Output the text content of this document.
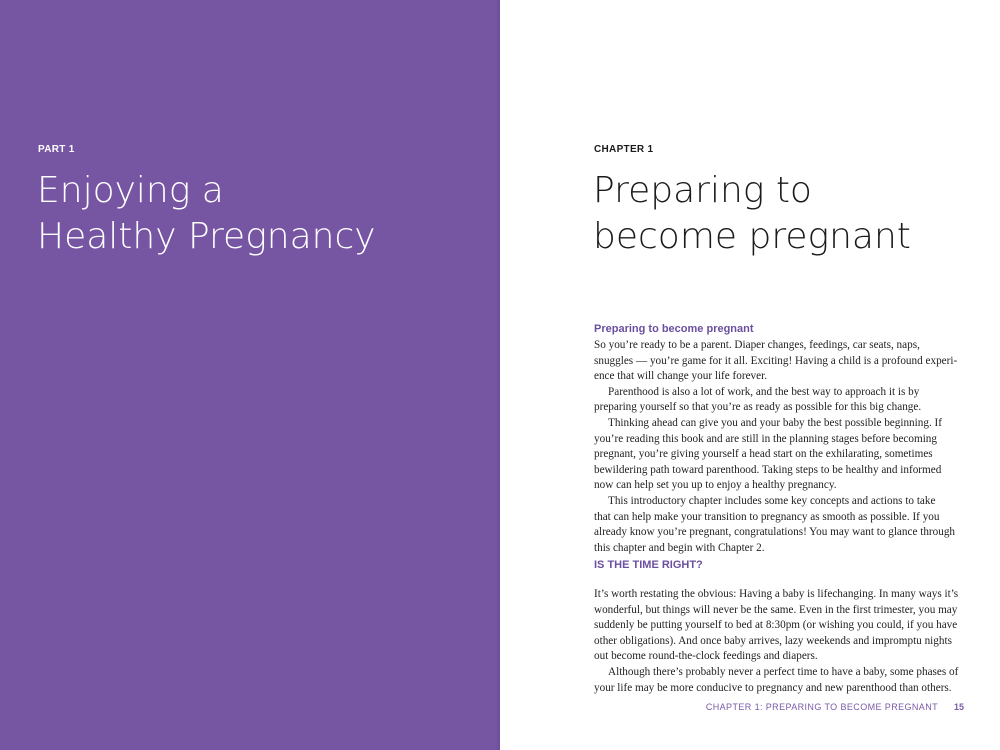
PART 1
Enjoying a
Healthy Pregnancy
CHAPTER 1
Preparing to
become pregnant
Preparing to become pregnant
So you’re ready to be a parent. Diaper changes, feedings, car seats, naps,
snuggles — you’re game for it all. Exciting! Having a child is a profound experi-
ence that will change your life forever.
Parenthood is also a lot of work, and the best way to approach it is by
preparing yourself so that you’re as ready as possible for this big change.
Thinking ahead can give you and your baby the best possible beginning. If
you’re reading this book and are still in the planning stages before becoming
pregnant, you’re giving yourself a head start on the exhilarating, sometimes
bewildering path toward parenthood. Taking steps to be healthy and informed
now can help set you up to enjoy a healthy pregnancy.
This introductory chapter includes some key concepts and actions to take
that can help make your transition to pregnancy as smooth as possible. If you
already know you’re pregnant, congratulations! You may want to glance through
this chapter and begin with Chapter 2.
IS THE TIME RIGHT?
It’s worth restating the obvious: Having a baby is lifechanging. In many ways it’s
wonderful, but things will never be the same. Even in the first trimester, you may
suddenly be putting yourself to bed at 8:30pm (or wishing you could, if you have
other obligations). And once baby arrives, lazy weekends and impromptu nights
out become round-the-clock feedings and diapers.
Although there’s probably never a perfect time to have a baby, some phases of
your life may be more conducive to pregnancy and new parenthood than others.
CHAPTER 1: PREPARING TO BECOME PREGNANT 15
